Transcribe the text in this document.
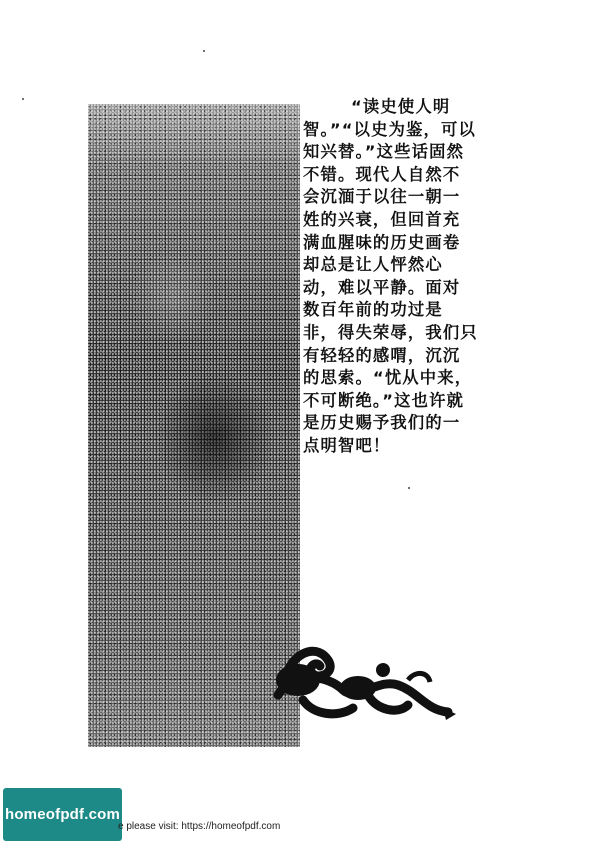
“读史使人明
智。”“以史为鉴，可以
知兴替。”这些话固然
不错。现代人自然不
会沉湎于以往一朝一
姓的兴衰，但回首充
满血腥味的历史画卷
却总是让人怦然心
动，难以平静。面对
数百年前的功过是
非，得失荣辱，我们只
有轻轻的感喟，沉沉
的思索。“忧从中来，
不可断绝。”这也许就
是历史赐予我们的一
点明智吧！
homeofpdf.com
e please visit: https://homeofpdf.com
